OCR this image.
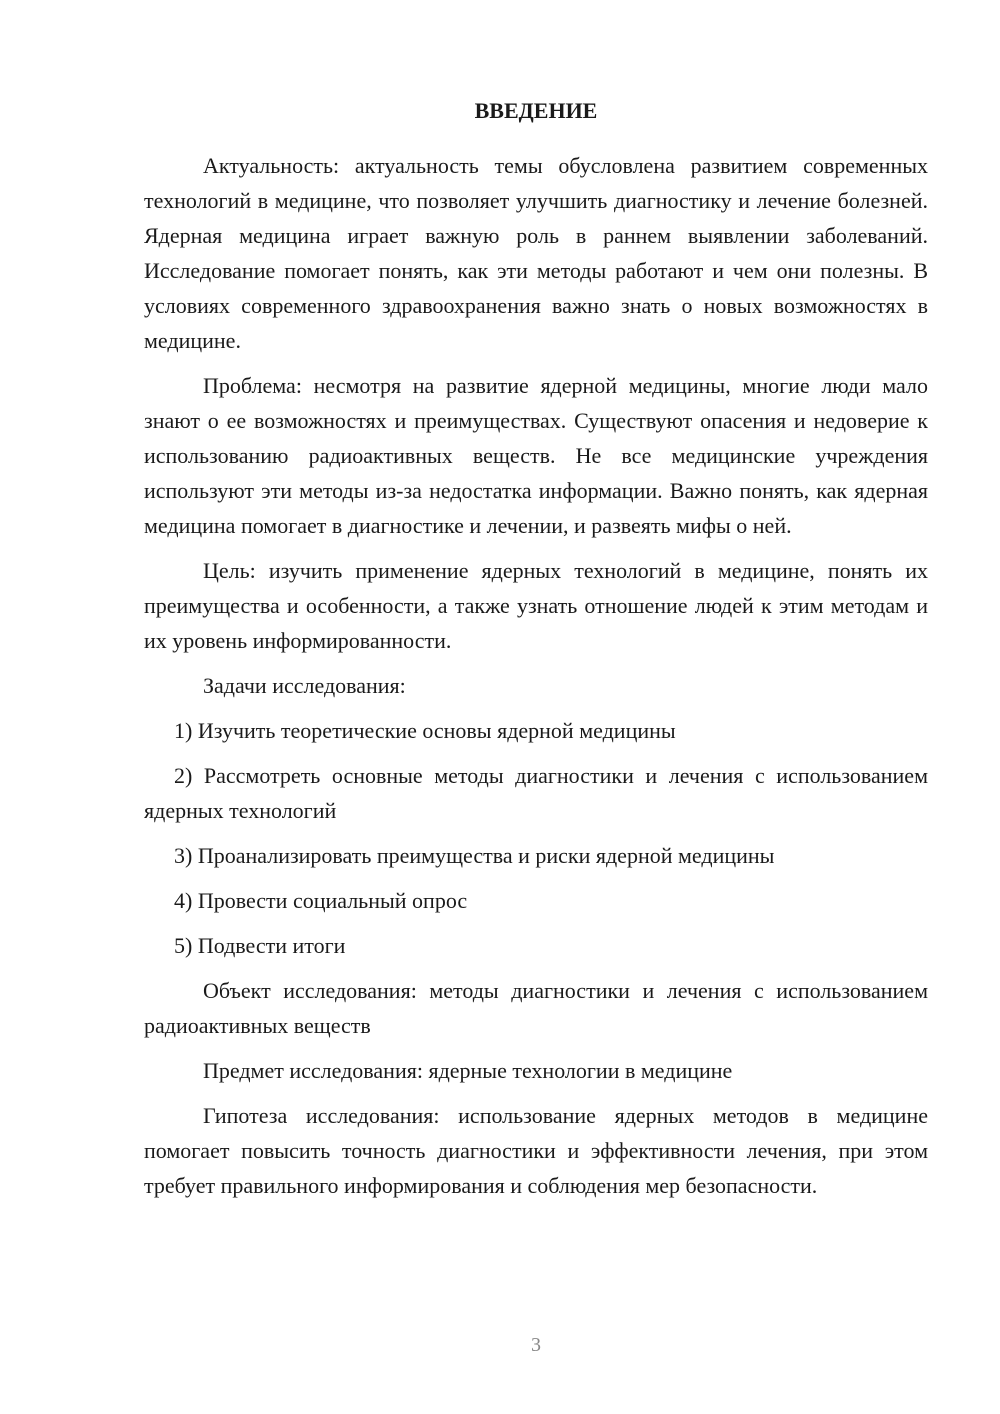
ВВЕДЕНИЕ

Актуальность: актуальность темы обусловлена развитием современных технологий в медицине, что позволяет улучшить диагностику и лечение болезней. Ядерная медицина играет важную роль в раннем выявлении заболеваний. Исследование помогает понять, как эти методы работают и чем они полезны. В условиях современного здравоохранения важно знать о новых возможностях в медицине.

Проблема: несмотря на развитие ядерной медицины, многие люди мало знают о ее возможностях и преимуществах. Существуют опасения и недоверие к использованию радиоактивных веществ. Не все медицинские учреждения используют эти методы из-за недостатка информации. Важно понять, как ядерная медицина помогает в диагностике и лечении, и развеять мифы о ней.

Цель: изучить применение ядерных технологий в медицине, понять их преимущества и особенности, а также узнать отношение людей к этим методам и их уровень информированности.

Задачи исследования:

1) Изучить теоретические основы ядерной медицины

2) Рассмотреть основные методы диагностики и лечения с использованием ядерных технологий

3) Проанализировать преимущества и риски ядерной медицины

4) Провести социальный опрос

5) Подвести итоги

Объект исследования: методы диагностики и лечения с использованием радиоактивных веществ

Предмет исследования: ядерные технологии в медицине

Гипотеза исследования: использование ядерных методов в медицине помогает повысить точность диагностики и эффективности лечения, при этом требует правильного информирования и соблюдения мер безопасности.

3
